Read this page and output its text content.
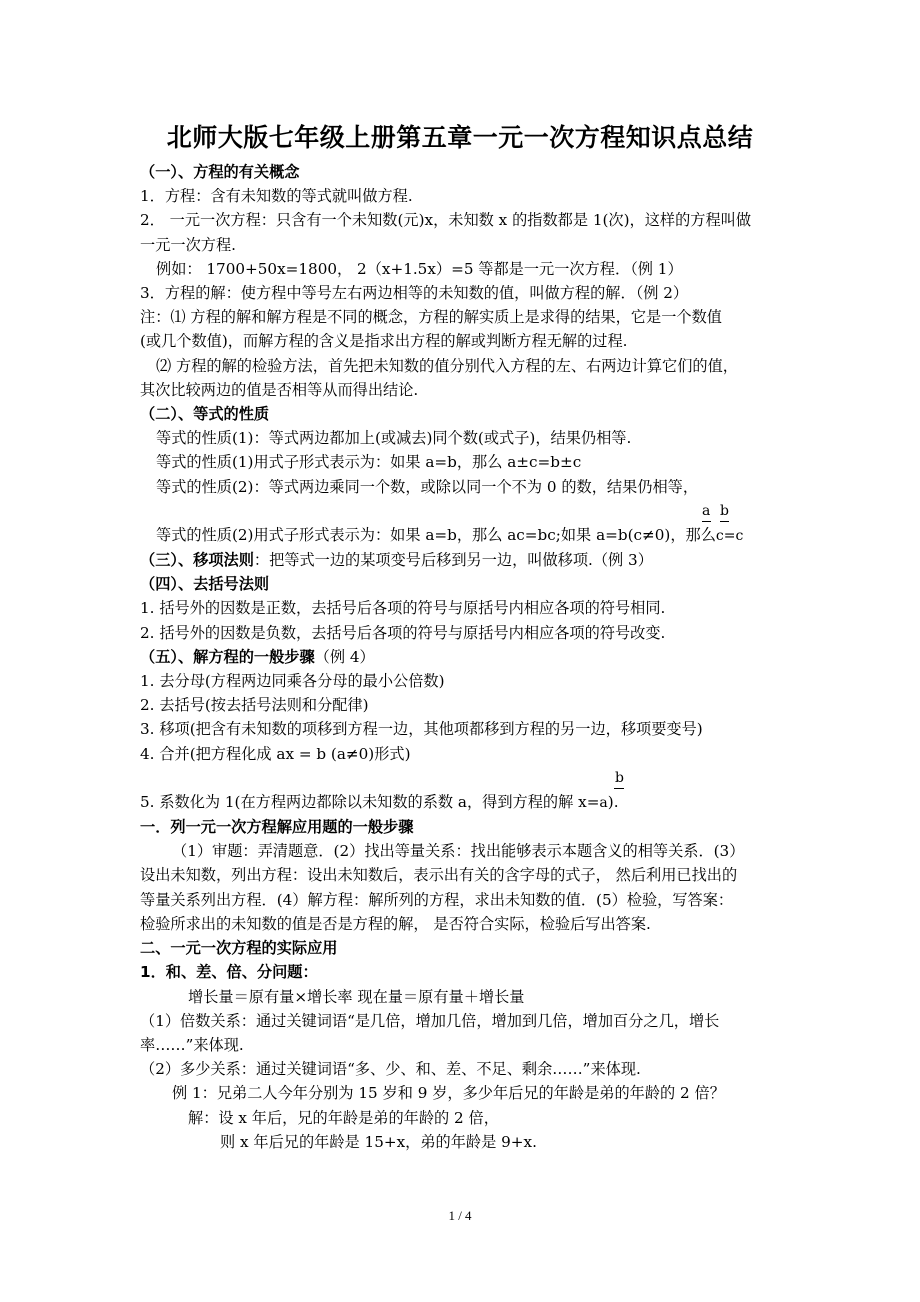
北师大版七年级上册第五章一元一次方程知识点总结

（一）、方程的有关概念

1．方程：含有未知数的等式就叫做方程.

2． 一元一次方程：只含有一个未知数(元)x，未知数 x 的指数都是 1(次)，这样的方程叫做

一元一次方程.

例如： 1700+50x=1800， 2（x+1.5x）=5 等都是一元一次方程．（例 1）

3．方程的解：使方程中等号左右两边相等的未知数的值，叫做方程的解．（例 2）

注：⑴ 方程的解和解方程是不同的概念，方程的解实质上是求得的结果，它是一个数值

(或几个数值)，而解方程的含义是指求出方程的解或判断方程无解的过程.

⑵ 方程的解的检验方法，首先把未知数的值分别代入方程的左、右两边计算它们的值，

其次比较两边的值是否相等从而得出结论.

（二）、等式的性质

等式的性质(1)：等式两边都加上(或减去)同个数(或式子)，结果仍相等.

等式的性质(1)用式子形式表示为：如果 a=b，那么 a±c=b±c

等式的性质(2)：等式两边乘同一个数，或除以同一个不为 0 的数，结果仍相等，

a b

等式的性质(2)用式子形式表示为：如果 a=b，那么 ac=bc;如果 a=b(c≠0)，那么c=c

（三）、移项法则：把等式一边的某项变号后移到另一边，叫做移项.（例 3）

（四）、去括号法则

1. 括号外的因数是正数，去括号后各项的符号与原括号内相应各项的符号相同.

2. 括号外的因数是负数，去括号后各项的符号与原括号内相应各项的符号改变.

（五）、解方程的一般步骤（例 4）

1. 去分母(方程两边同乘各分母的最小公倍数)

2. 去括号(按去括号法则和分配律)

3. 移项(把含有未知数的项移到方程一边，其他项都移到方程的另一边，移项要变号)

4. 合并(把方程化成 ax = b (a≠0)形式)

b

5. 系数化为 1(在方程两边都除以未知数的系数 a，得到方程的解 x=a).

一．列一元一次方程解应用题的一般步骤

（1）审题：弄清题意．(2）找出等量关系：找出能够表示本题含义的相等关系．(3）

设出未知数，列出方程：设出未知数后，表示出有关的含字母的式子， 然后利用已找出的

等量关系列出方程．(4）解方程：解所列的方程，求出未知数的值．(5）检验，写答案：

检验所求出的未知数的值是否是方程的解， 是否符合实际，检验后写出答案.

二、一元一次方程的实际应用

1．和、差、倍、分问题：

增长量＝原有量×增长率 现在量＝原有量＋增长量

（1）倍数关系：通过关键词语“是几倍，增加几倍，增加到几倍，增加百分之几，增长

率……”来体现.

（2）多少关系：通过关键词语“多、少、和、差、不足、剩余……”来体现.

例 1：兄弟二人今年分别为 15 岁和 9 岁，多少年后兄的年龄是弟的年龄的 2 倍？

解：设 x 年后，兄的年龄是弟的年龄的 2 倍，

则 x 年后兄的年龄是 15+x，弟的年龄是 9+x.

1 / 4
